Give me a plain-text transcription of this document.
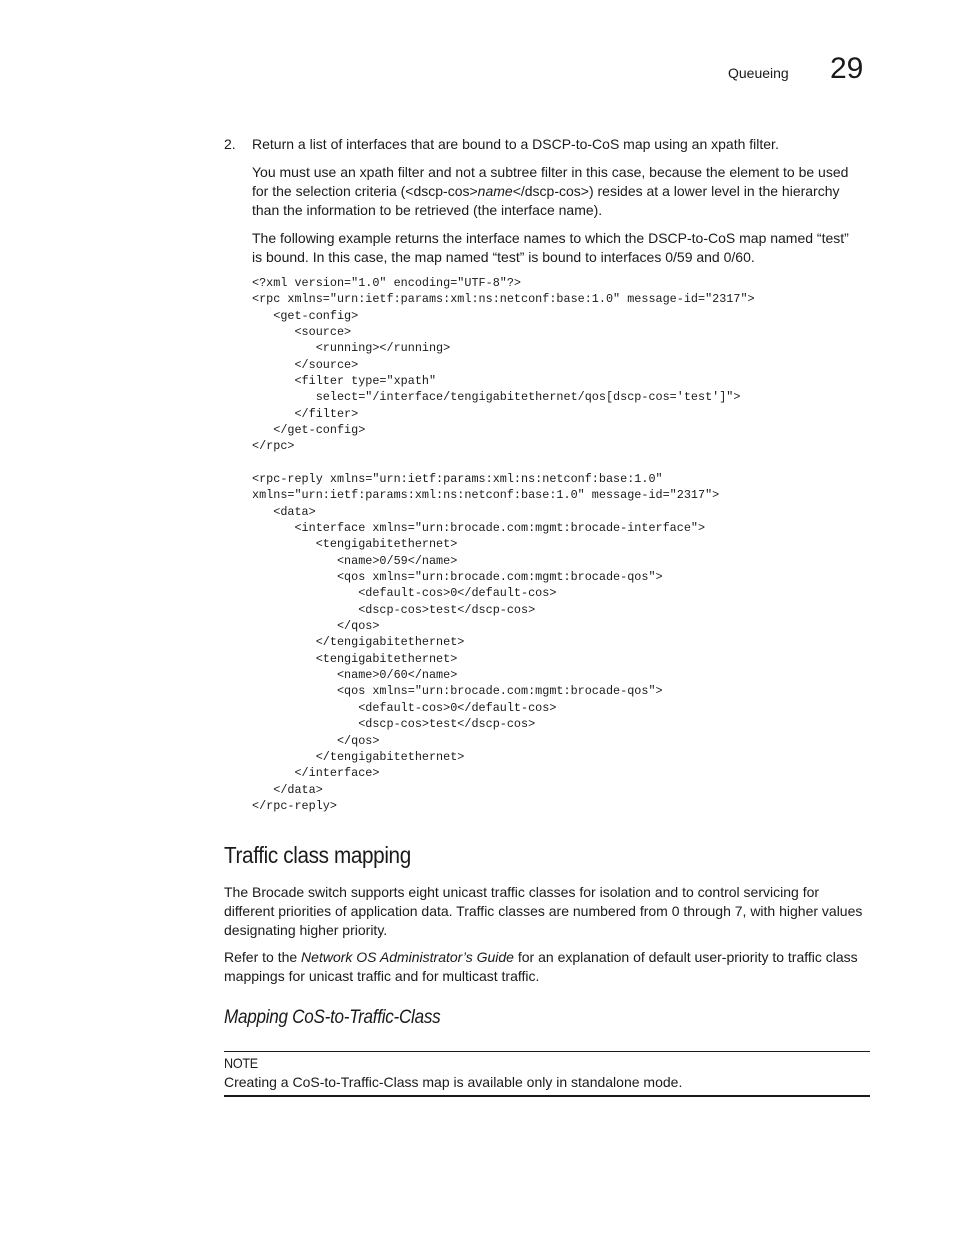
Queueing 29
2. Return a list of interfaces that are bound to a DSCP-to-CoS map using an xpath filter.
You must use an xpath filter and not a subtree filter in this case, because the element to be used for the selection criteria (<dscp-cos>name</dscp-cos>) resides at a lower level in the hierarchy than the information to be retrieved (the interface name).
The following example returns the interface names to which the DSCP-to-CoS map named “test” is bound. In this case, the map named “test” is bound to interfaces 0/59 and 0/60.
<?xml version="1.0" encoding="UTF-8"?>
<rpc xmlns="urn:ietf:params:xml:ns:netconf:base:1.0" message-id="2317">
<get-config>
<source>
<running></running>
</source>
<filter type="xpath"
select="/interface/tengigabitethernet/qos[dscp-cos='test']">
</filter>
</get-config>
</rpc>
<rpc-reply xmlns="urn:ietf:params:xml:ns:netconf:base:1.0"
xmlns="urn:ietf:params:xml:ns:netconf:base:1.0" message-id="2317">
<data>
<interface xmlns="urn:brocade.com:mgmt:brocade-interface">
<tengigabitethernet>
<name>0/59</name>
<qos xmlns="urn:brocade.com:mgmt:brocade-qos">
<default-cos>0</default-cos>
<dscp-cos>test</dscp-cos>
</qos>
</tengigabitethernet>
<tengigabitethernet>
<name>0/60</name>
<qos xmlns="urn:brocade.com:mgmt:brocade-qos">
<default-cos>0</default-cos>
<dscp-cos>test</dscp-cos>
</qos>
</tengigabitethernet>
</interface>
</data>
</rpc-reply>
Traffic class mapping
The Brocade switch supports eight unicast traffic classes for isolation and to control servicing for different priorities of application data. Traffic classes are numbered from 0 through 7, with higher values designating higher priority.
Refer to the Network OS Administrator’s Guide for an explanation of default user-priority to traffic class mappings for unicast traffic and for multicast traffic.
Mapping CoS-to-Traffic-Class
NOTE
Creating a CoS-to-Traffic-Class map is available only in standalone mode.
